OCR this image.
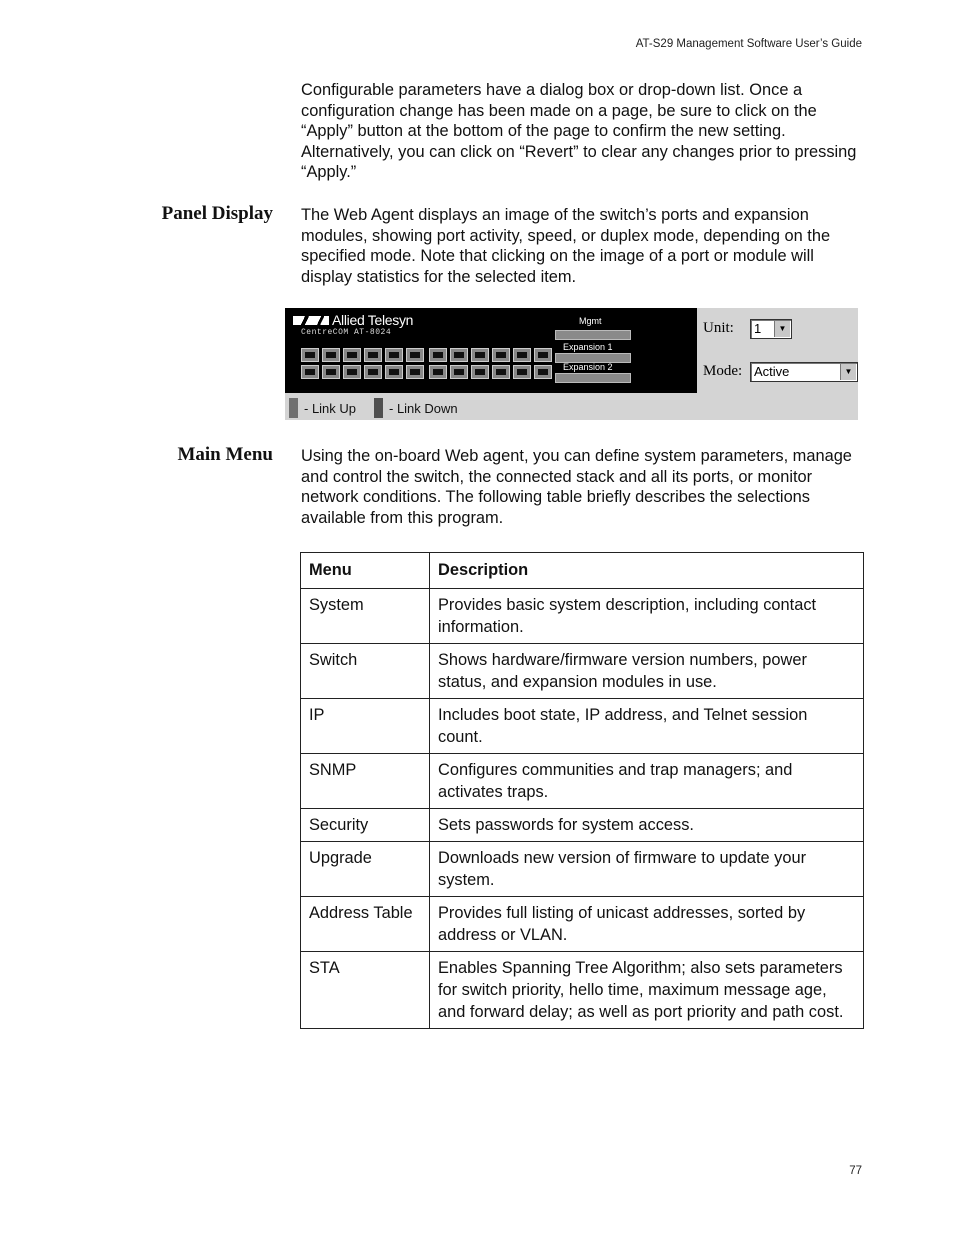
AT-S29 Management Software User’s Guide

Configurable parameters have a dialog box or drop-down list. Once a configuration change has been made on a page, be sure to click on the “Apply” button at the bottom of the page to confirm the new setting. Alternatively, you can click on “Revert” to clear any changes prior to pressing “Apply.”

Panel Display The Web Agent displays an image of the switch’s ports and expansion modules, showing port activity, speed, or duplex mode, depending on the specified mode. Note that clicking on the image of a port or module will display statistics for the selected item.

Allied Telesyn
CentreCOM AT-8024
Mgmt
Expansion 1
Expansion 2
Unit:	1	▼
Mode: Active	▼
- Link Up	- Link Down
Main Menu Using the on-board Web agent, you can define system parameters, manage and control the switch, the connected stack and all its ports, or monitor network conditions. The following table briefly describes the selections available from this program.

Menu	Description
System	Provides basic system description, including contact information.
Switch	Shows hardware/firmware version numbers, power status, and expansion modules in use.
IP	Includes boot state, IP address, and Telnet session count.
SNMP	Configures communities and trap managers; and activates traps.
Security	Sets passwords for system access.
Upgrade	Downloads new version of firmware to update your system.
Address Table	Provides full listing of unicast addresses, sorted by address or VLAN.
STA	Enables Spanning Tree Algorithm; also sets parameters for switch priority, hello time, maximum message age, and forward delay; as well as port priority and path cost.
77
